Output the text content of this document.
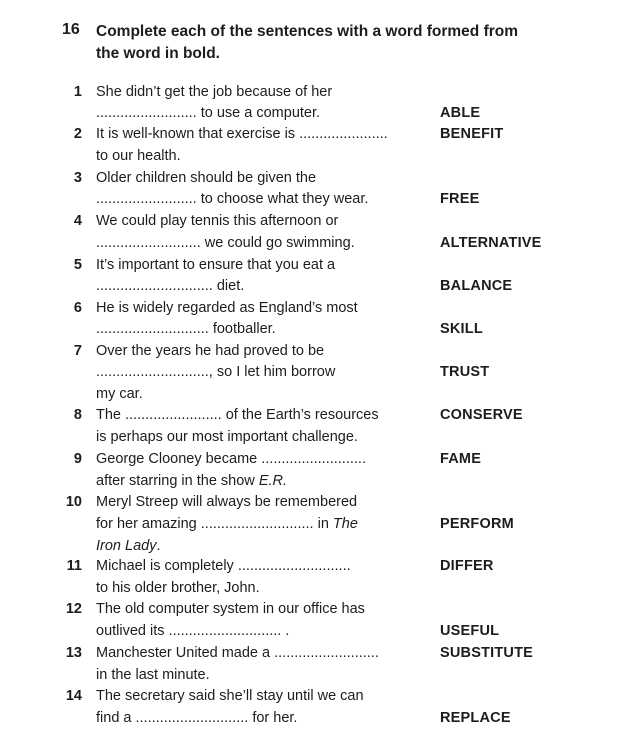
16 Complete each of the sentences with a word formed from the word in bold.
1 She didn’t get the job because of her
......................... to use a computer.	ABLE
2 It is well-known that exercise is ......................
to our health.
BENEFIT
3 Older children should be given the
......................... to choose what they wear.	FREE
4 We could play tennis this afternoon or
.......................... we could go swimming.	ALTERNATIVE
5 It’s important to ensure that you eat a
............................. diet.	BALANCE
6 He is widely regarded as England’s most
............................ footballer.	SKILL
7 Over the years he had proved to be
............................, so I let him borrow
my car.
TRUST
8 The ........................ of the Earth’s resources
is perhaps our most important challenge.
CONSERVE
9 George Clooney became ..........................
after starring in the show E.R.
FAME
10 Meryl Streep will always be remembered
for her amazing ............................ in The
Iron Lady.
PERFORM
11 Michael is completely ............................
to his older brother, John.
DIFFER
12 The old computer system in our office has
outlived its ............................ .	USEFUL
13 Manchester United made a ..........................
in the last minute.
SUBSTITUTE
14 The secretary said she’ll stay until we can
find a ............................ for her.	REPLACE
